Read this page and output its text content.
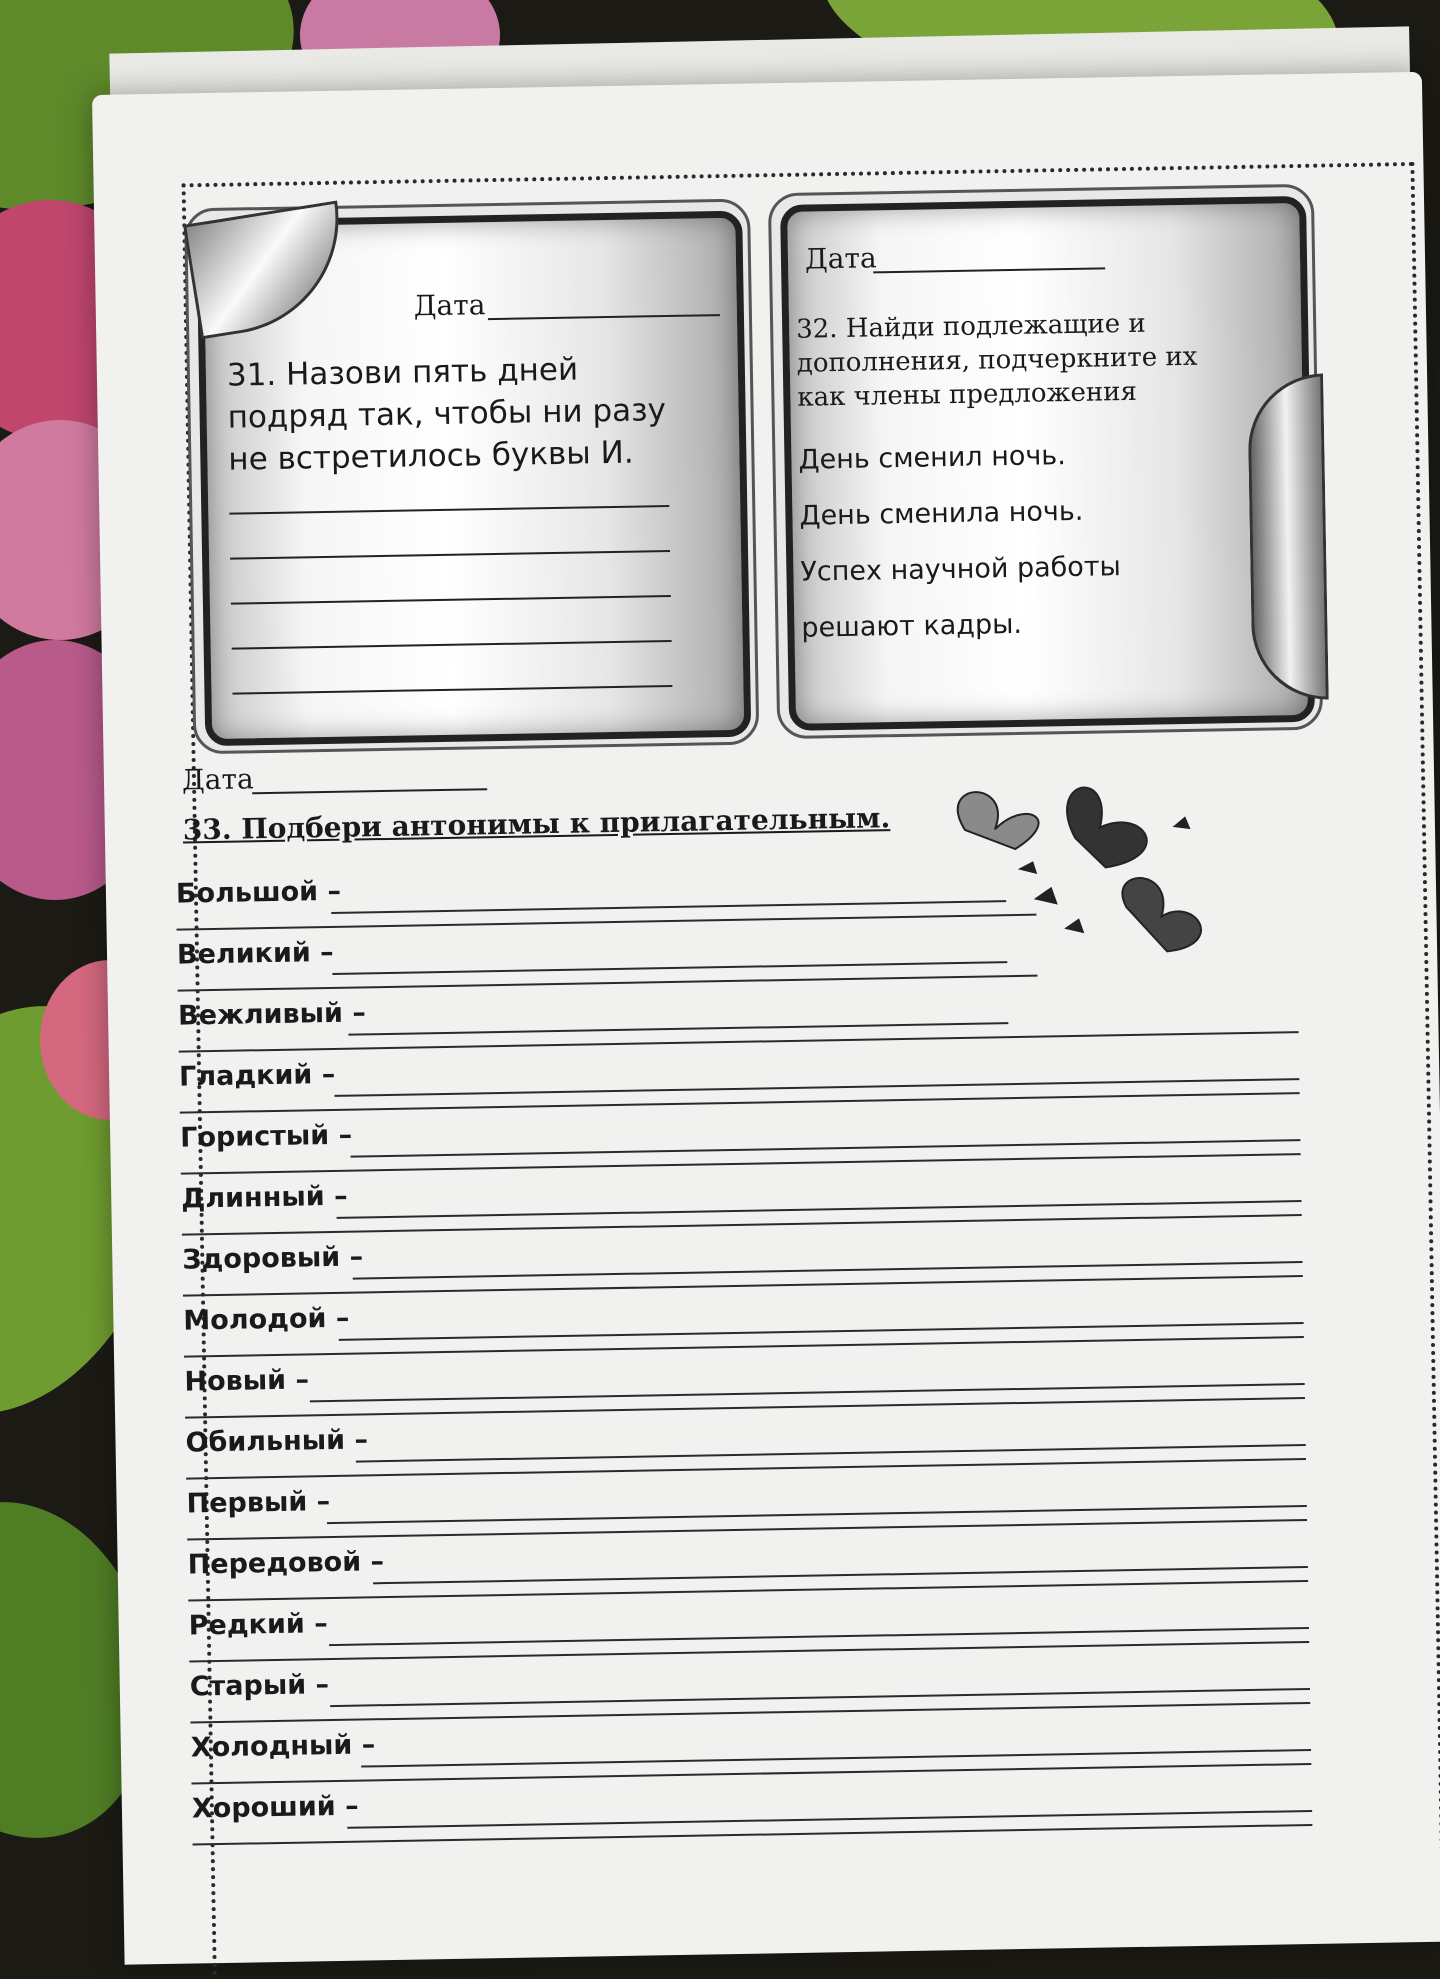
Дата
31. Назови пять дней подряд так, чтобы ни разу не встретилось буквы И.
Дата
32. Найди подлежащие и дополнения, подчеркните их как члены предложения
День сменил ночь.
День сменила ночь.
Успех научной работы
решают кадры.
Дата
33. Подбери антонимы к прилагательным.
Большой –
Великий –
Вежливый –
Гладкий –
Гористый –
Длинный –
Здоровый –
Молодой –
Новый –
Обильный –
Первый –
Передовой –
Редкий –
Старый –
Холодный –
Хороший –
